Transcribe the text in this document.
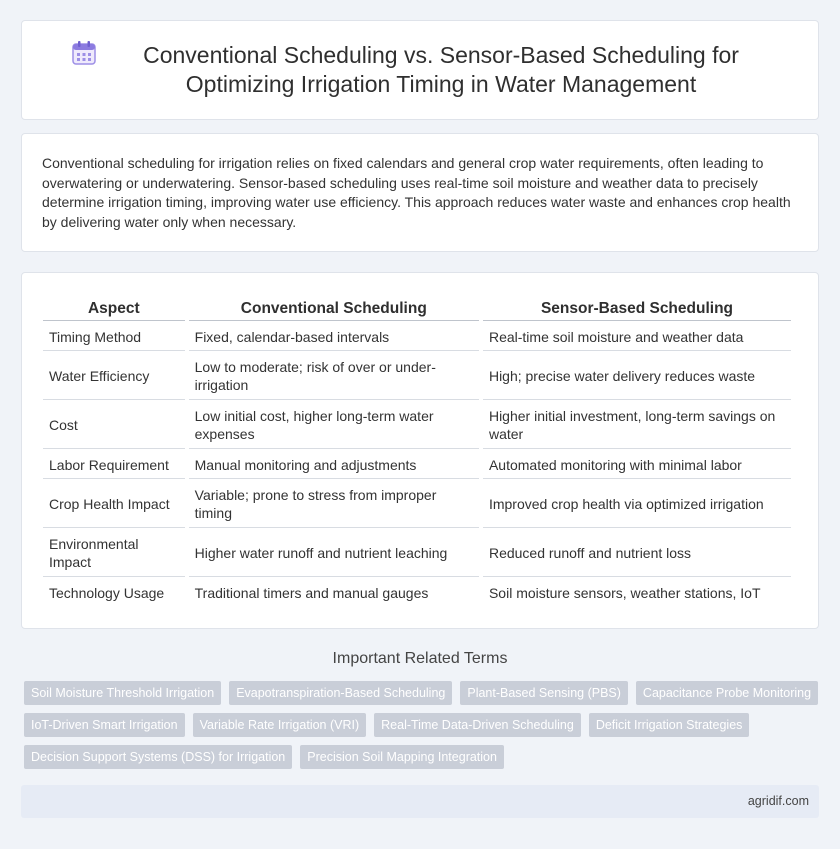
Conventional Scheduling vs. Sensor-Based Scheduling for Optimizing Irrigation Timing in Water Management

Conventional scheduling for irrigation relies on fixed calendars and general crop water requirements, often leading to overwatering or underwatering. Sensor-based scheduling uses real-time soil moisture and weather data to precisely determine irrigation timing, improving water use efficiency. This approach reduces water waste and enhances crop health by delivering water only when necessary.

Aspect	Conventional Scheduling	Sensor-Based Scheduling
Timing Method	Fixed, calendar-based intervals	Real-time soil moisture and weather data
Water Efficiency	Low to moderate; risk of over or under-irrigation	High; precise water delivery reduces waste
Cost	Low initial cost, higher long-term water expenses	Higher initial investment, long-term savings on water
Labor Requirement	Manual monitoring and adjustments	Automated monitoring with minimal labor
Crop Health Impact	Variable; prone to stress from improper timing	Improved crop health via optimized irrigation
Environmental Impact	Higher water runoff and nutrient leaching	Reduced runoff and nutrient loss
Technology Usage	Traditional timers and manual gauges	Soil moisture sensors, weather stations, IoT
Important Related Terms
Soil Moisture Threshold Irrigation	Evapotranspiration-Based Scheduling	Plant-Based Sensing (PBS)	Capacitance Probe Monitoring
IoT-Driven Smart Irrigation	Variable Rate Irrigation (VRI)	Real-Time Data-Driven Scheduling	Deficit Irrigation Strategies
Decision Support Systems (DSS) for Irrigation	Precision Soil Mapping Integration
agridif.com
